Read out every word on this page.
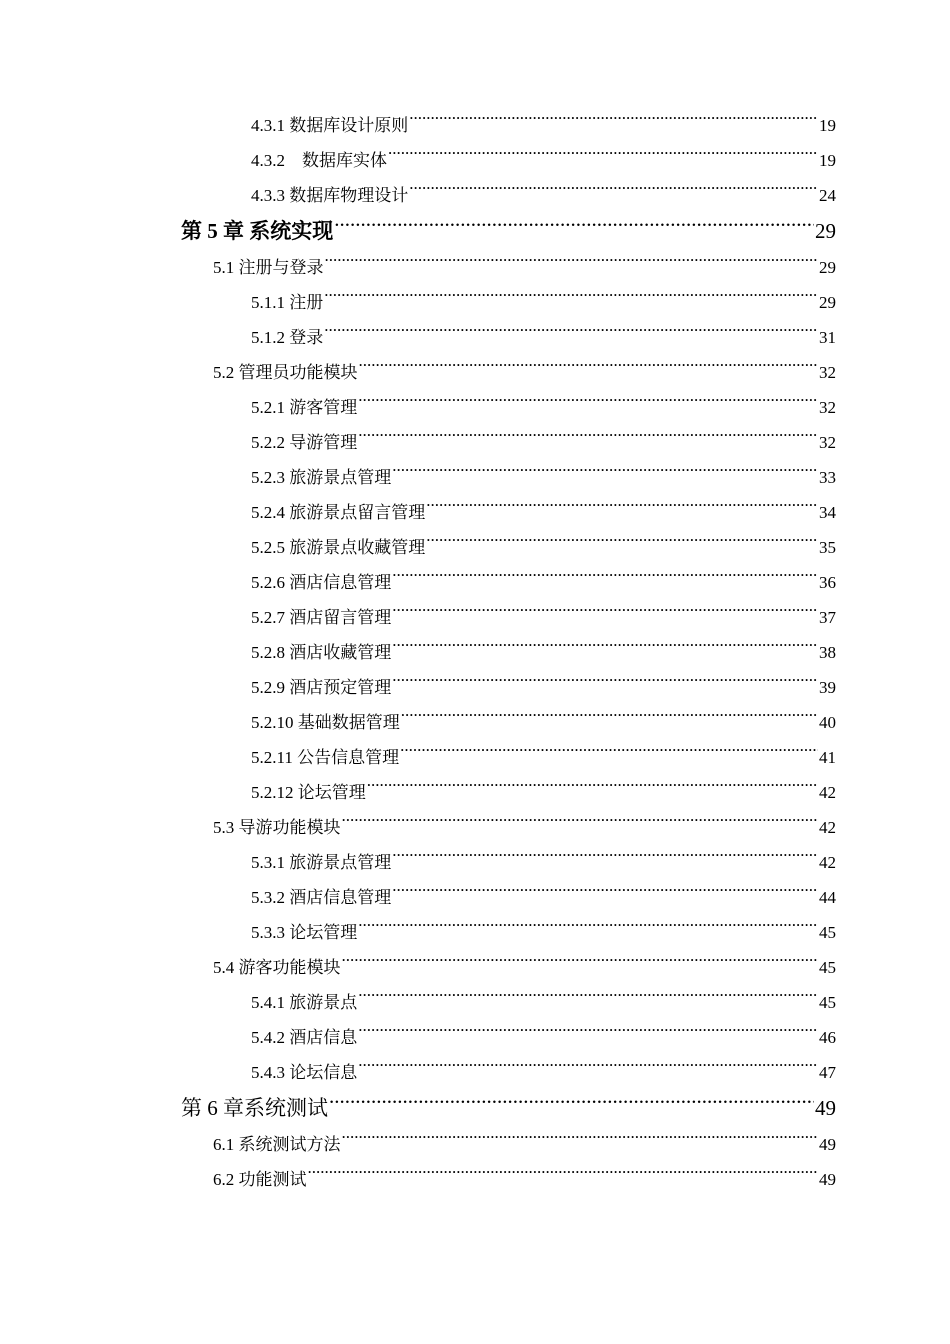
4.3.1 数据库设计原则 .....	19
4.3.2　数据库实体 .....	19
4.3.3 数据库物理设计 .....	24
第 5 章 系统实现 .....	29
5.1 注册与登录 .....	29
5.1.1 注册 .....	29
5.1.2 登录 .....	31
5.2 管理员功能模块 .....	32
5.2.1 游客管理 .....	32
5.2.2 导游管理 .....	32
5.2.3 旅游景点管理 .....	33
5.2.4 旅游景点留言管理 .....	34
5.2.5 旅游景点收藏管理 .....	35
5.2.6 酒店信息管理 .....	36
5.2.7 酒店留言管理 .....	37
5.2.8 酒店收藏管理 .....	38
5.2.9 酒店预定管理 .....	39
5.2.10 基础数据管理 .....	40
5.2.11 公告信息管理 .....	41
5.2.12 论坛管理 .....	42
5.3 导游功能模块 .....	42
5.3.1 旅游景点管理 .....	42
5.3.2 酒店信息管理 .....	44
5.3.3 论坛管理 .....	45
5.4 游客功能模块 .....	45
5.4.1 旅游景点 .....	45
5.4.2 酒店信息 .....	46
5.4.3 论坛信息 .....	47
第 6 章系统测试 .....	49
6.1 系统测试方法 .....	49
6.2 功能测试 .....	49
